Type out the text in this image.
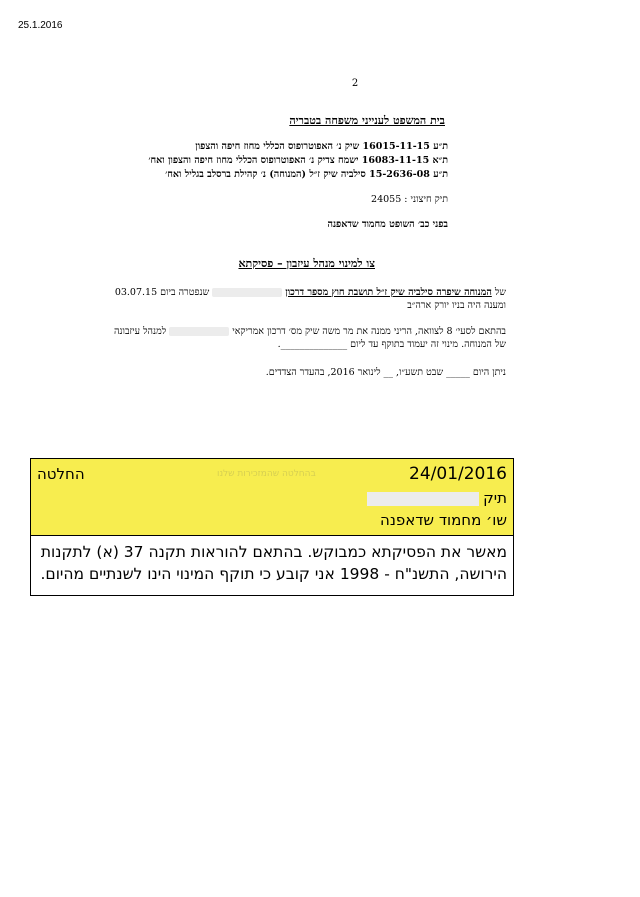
25.1.2016
2
בית המשפט לענייני משפחה בטבריה
ת״ע 16015-11-15 שיק נ׳ האפוטרופוס הכללי מחוז חיפה והצפון
ת״א 16083-11-15 ישמח צדיק נ׳ האפוטרופוס הכללי מחוז חיפה והצפון ואח׳
ת״ע 15-2636-08 סילביה שיק ז״ל (המנוחה) נ׳ קהילת ברסלב בגליל ואח׳
תיק חיצוני : 24055
בפני כב׳ השופט מחמוד שדאפנה
צו למינוי מנהל עיזבון – פסיקתא
של המנוחה שיפרה סילביה שיק ז״ל תושבת חוץ מספר דרכון  שנפטרה ביום 03.07.15 ומענה היה בניו יורק ארה״ב
בהתאם לסעי׳ 8 לצוואה, הריני ממנה את מר משה שיק מס׳ דרכון אמריקאי  למנהל עיזבונה של המנוחה. מינוי זה יעמוד בתוקף עד ליום ______________.
ניתן היום _____ שבט תשע״ו, __ לינואר 2016, בהעדר הצדדים.
24/01/2016
החלטה	בהחלטה שהמזכירות שלנו
תיק
שו׳ מחמוד שדאפנה
מאשר את הפסיקתא כמבוקש. בהתאם להוראות תקנה 37 (א) לתקנות הירושה, התשנ"ח - 1998 אני קובע כי תוקף המינוי הינו לשנתיים מהיום.
